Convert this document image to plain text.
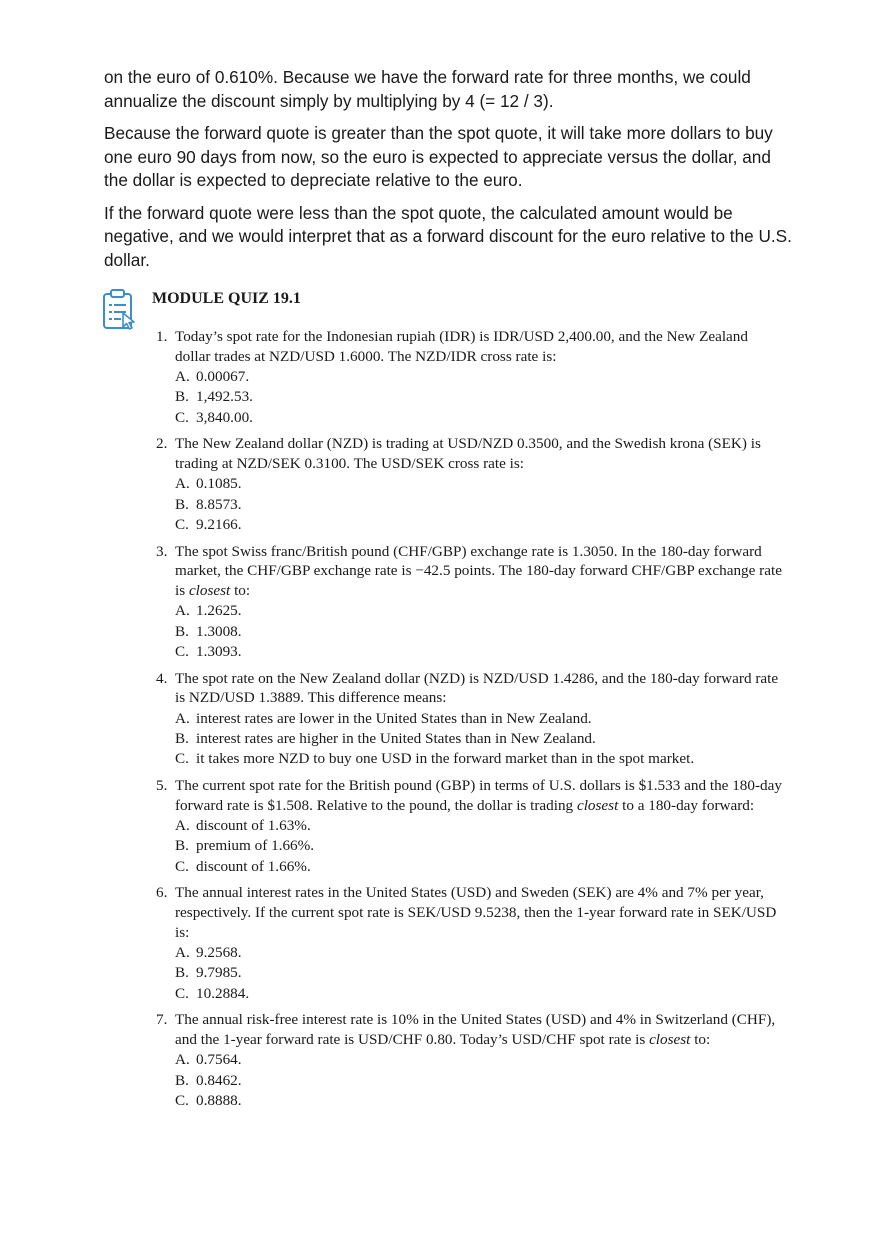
on the euro of 0.610%. Because we have the forward rate for three months, we could annualize the discount simply by multiplying by 4 (= 12 / 3).

Because the forward quote is greater than the spot quote, it will take more dollars to buy one euro 90 days from now, so the euro is expected to appreciate versus the dollar, and the dollar is expected to depreciate relative to the euro.

If the forward quote were less than the spot quote, the calculated amount would be negative, and we would interpret that as a forward discount for the euro relative to the U.S. dollar.

MODULE QUIZ 19.1
1. Today’s spot rate for the Indonesian rupiah (IDR) is IDR/USD 2,400.00, and the New Zealand dollar trades at NZD/USD 1.6000. The NZD/IDR cross rate is:
A. 0.00067.
B. 1,492.53.
C. 3,840.00.
2. The New Zealand dollar (NZD) is trading at USD/NZD 0.3500, and the Swedish krona (SEK) is trading at NZD/SEK 0.3100. The USD/SEK cross rate is:
A. 0.1085.
B. 8.8573.
C. 9.2166.
3. The spot Swiss franc/British pound (CHF/GBP) exchange rate is 1.3050. In the 180-day forward market, the CHF/GBP exchange rate is −42.5 points. The 180-day forward CHF/GBP exchange rate is closest to:
A. 1.2625.
B. 1.3008.
C. 1.3093.
4. The spot rate on the New Zealand dollar (NZD) is NZD/USD 1.4286, and the 180-day forward rate is NZD/USD 1.3889. This difference means:
A. interest rates are lower in the United States than in New Zealand.
B. interest rates are higher in the United States than in New Zealand.
C. it takes more NZD to buy one USD in the forward market than in the spot market.
5. The current spot rate for the British pound (GBP) in terms of U.S. dollars is $1.533 and the 180-day forward rate is $1.508. Relative to the pound, the dollar is trading closest to a 180-day forward:
A. discount of 1.63%.
B. premium of 1.66%.
C. discount of 1.66%.
6. The annual interest rates in the United States (USD) and Sweden (SEK) are 4% and 7% per year, respectively. If the current spot rate is SEK/USD 9.5238, then the 1-year forward rate in SEK/USD is:
A. 9.2568.
B. 9.7985.
C. 10.2884.
7. The annual risk-free interest rate is 10% in the United States (USD) and 4% in Switzerland (CHF), and the 1-year forward rate is USD/CHF 0.80. Today’s USD/CHF spot rate is closest to:
A. 0.7564.
B. 0.8462.
C. 0.8888.
